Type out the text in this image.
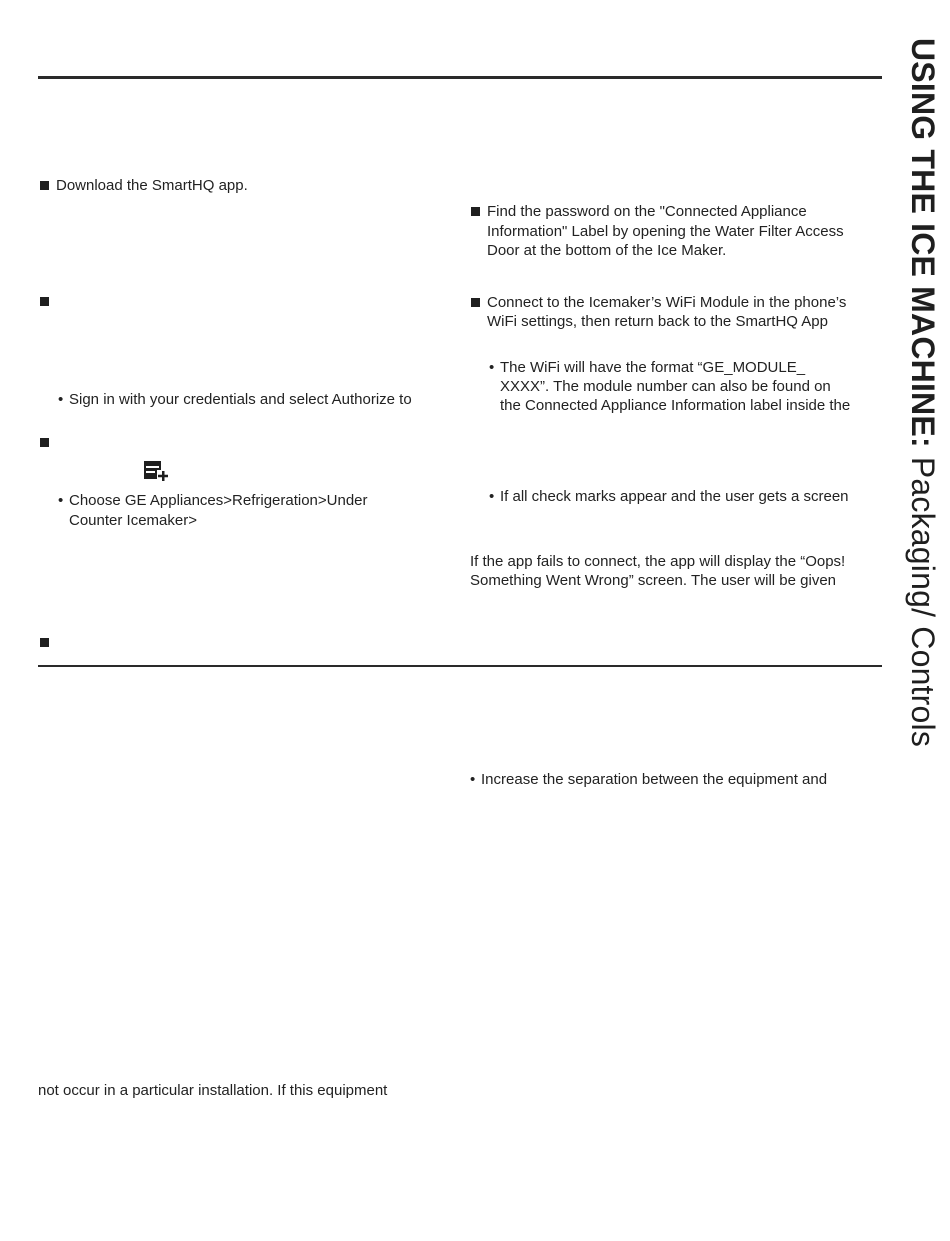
USING THE ICE MACHINE: Packaging/ Controls
Download the SmartHQ app.
• Sign in with your credentials and select Authorize to
• Choose GE Appliances>Refrigeration>Under
Counter Icemaker>
Find the password on the "Connected Appliance
Information" Label by opening the Water Filter Access
Door at the bottom of the Ice Maker.
Connect to the Icemaker’s WiFi Module in the phone’s
WiFi settings, then return back to the SmartHQ App
• The WiFi will have the format “GE_MODULE_
XXXX”. The module number can also be found on
the Connected Appliance Information label inside the
• If all check marks appear and the user gets a screen
If the app fails to connect, the app will display the “Oops!
Something Went Wrong” screen. The user will be given
• Increase the separation between the equipment and
not occur in a particular installation. If this equipment
